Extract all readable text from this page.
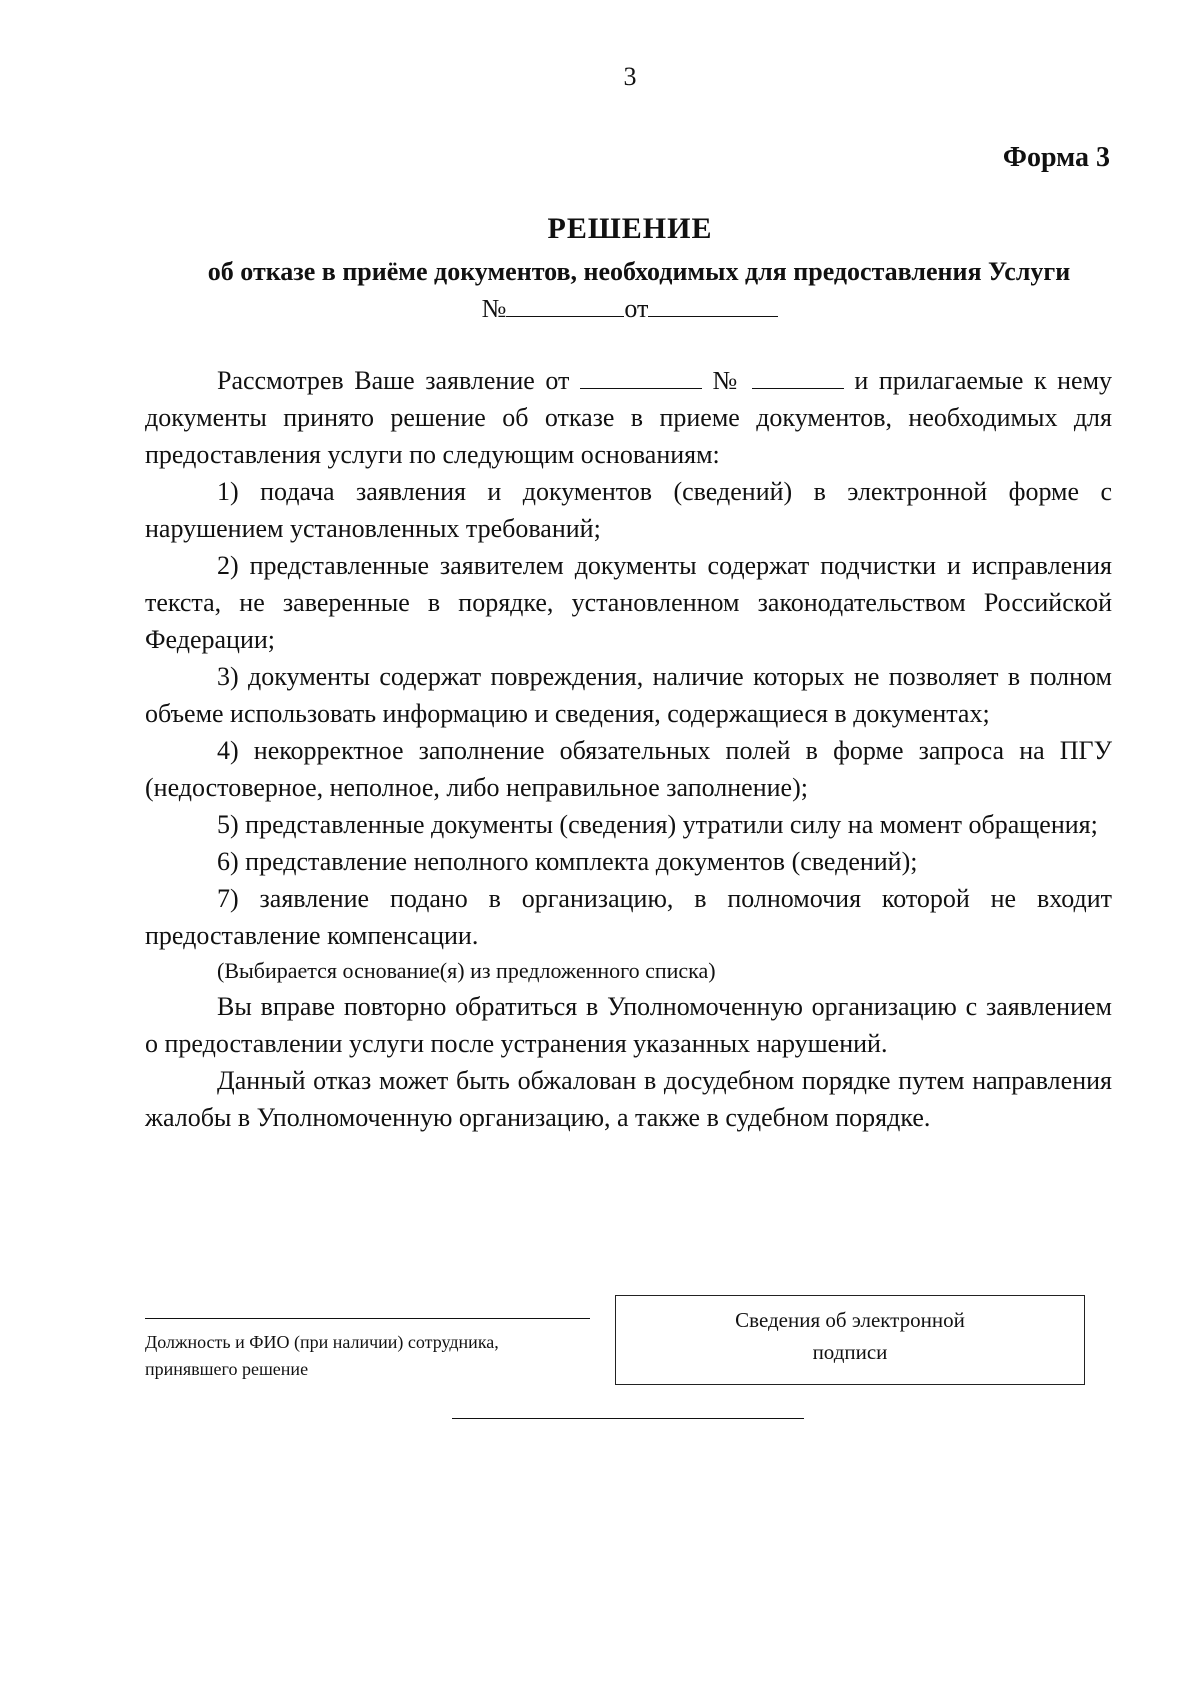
3
Форма 3
РЕШЕНИЕ
об отказе в приёме документов, необходимых для предоставления Услуги
№	от

Рассмотрев Ваше заявление от	№	и прилагаемые к нему документы принято решение об отказе в приеме документов, необходимых для предоставления услуги по следующим основаниям:

1) подача заявления и документов (сведений) в электронной форме с нарушением установленных требований;

2) представленные заявителем документы содержат подчистки и исправления текста, не заверенные в порядке, установленном законодательством Российской Федерации;

3) документы содержат повреждения, наличие которых не позволяет в полном объеме использовать информацию и сведения, содержащиеся в документах;

4) некорректное заполнение обязательных полей в форме запроса на ПГУ (недостоверное, неполное, либо неправильное заполнение);

5) представленные документы (сведения) утратили силу на момент обращения;

6) представление неполного комплекта документов (сведений);

7) заявление подано в организацию, в полномочия которой не входит предоставление компенсации.

(Выбирается основание(я) из предложенного списка)

Вы вправе повторно обратиться в Уполномоченную организацию с заявлением о предоставлении услуги после устранения указанных нарушений.

Данный отказ может быть обжалован в досудебном порядке путем направления жалобы в Уполномоченную организацию, а также в судебном порядке.

Должность и ФИО (при наличии) сотрудника, принявшего решение
Сведения об электронной
подписи
